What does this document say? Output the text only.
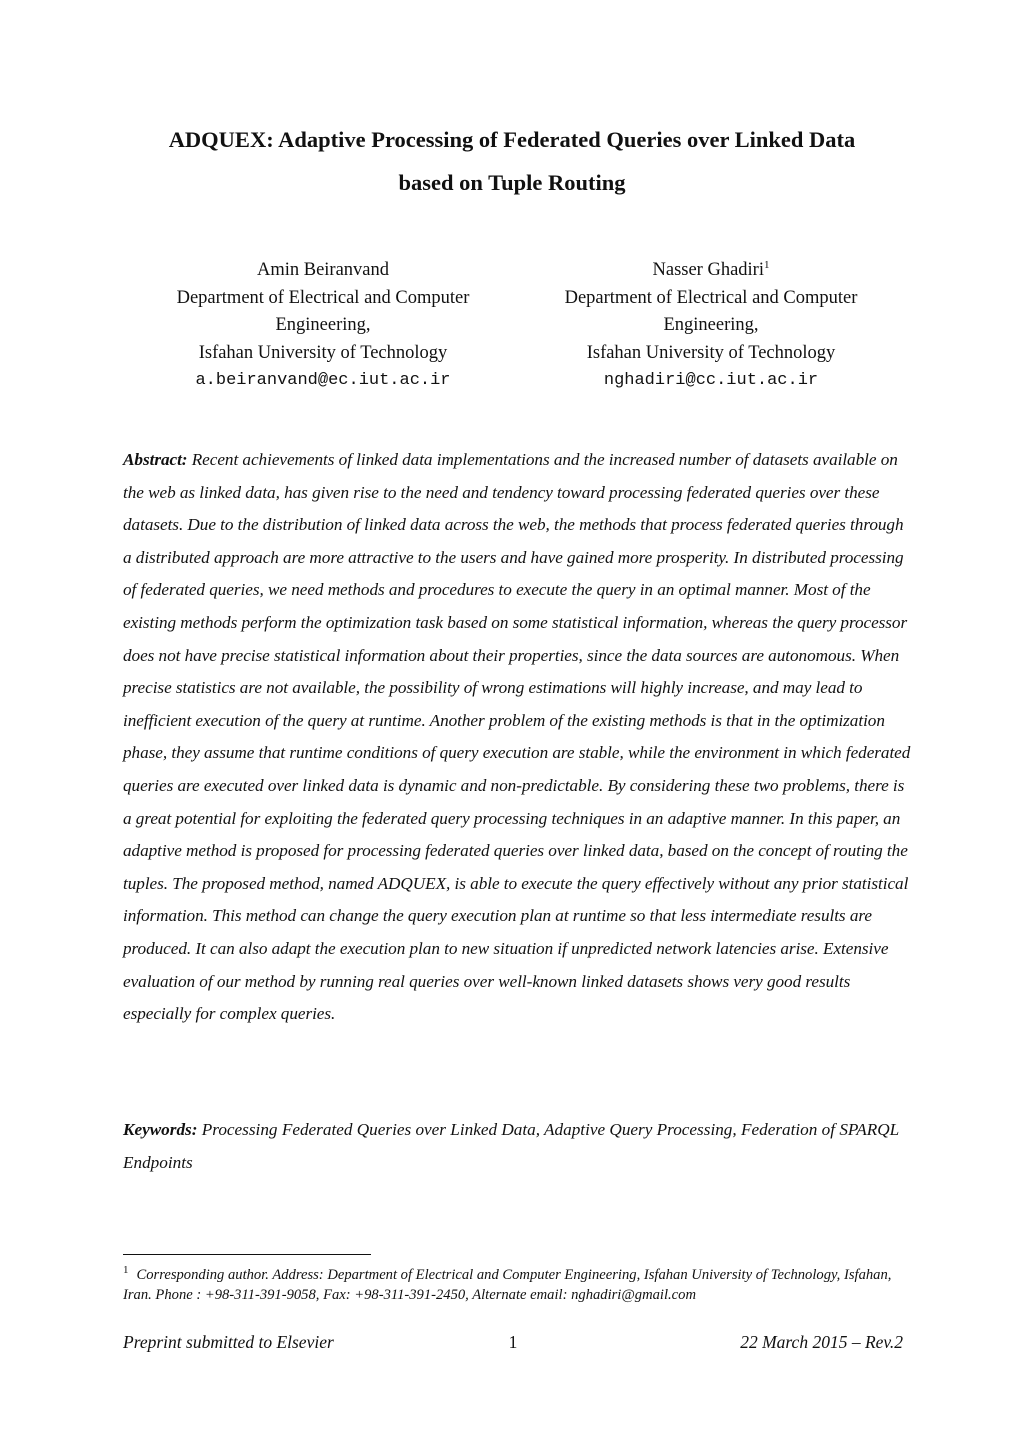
ADQUEX: Adaptive Processing of Federated Queries over Linked Data
based on Tuple Routing
Amin Beiranvand
Department of Electrical and Computer
Engineering,
Isfahan University of Technology
a.beiranvand@ec.iut.ac.ir
Nasser Ghadiri$^1$
Department of Electrical and Computer
Engineering,
Isfahan University of Technology
nghadiri@cc.iut.ac.ir
Abstract: Recent achievements of linked data implementations and the increased number of datasets available on the web as linked data, has given rise to the need and tendency toward processing federated queries over these datasets. Due to the distribution of linked data across the web, the methods that process federated queries through a distributed approach are more attractive to the users and have gained more prosperity. In distributed processing of federated queries, we need methods and procedures to execute the query in an optimal manner. Most of the existing methods perform the optimization task based on some statistical information, whereas the query processor does not have precise statistical information about their properties, since the data sources are autonomous. When precise statistics are not available, the possibility of wrong estimations will highly increase, and may lead to inefficient execution of the query at runtime. Another problem of the existing methods is that in the optimization phase, they assume that runtime conditions of query execution are stable, while the environment in which federated queries are executed over linked data is dynamic and non-predictable. By considering these two problems, there is a great potential for exploiting the federated query processing techniques in an adaptive manner. In this paper, an adaptive method is proposed for processing federated queries over linked data, based on the concept of routing the tuples. The proposed method, named ADQUEX, is able to execute the query effectively without any prior statistical information. This method can change the query execution plan at runtime so that less intermediate results are produced. It can also adapt the execution plan to new situation if unpredicted network latencies arise. Extensive evaluation of our method by running real queries over well-known linked datasets shows very good results especially for complex queries.
Keywords: Processing Federated Queries over Linked Data, Adaptive Query Processing, Federation of SPARQL Endpoints
$^1$ Corresponding author. Address: Department of Electrical and Computer Engineering, Isfahan University of Technology, Isfahan, Iran. Phone : +98-311-391-9058, Fax: +98-311-391-2450, Alternate email: nghadiri@gmail.com
Preprint submitted to Elsevier	1	22 March 2015 – Rev.2
